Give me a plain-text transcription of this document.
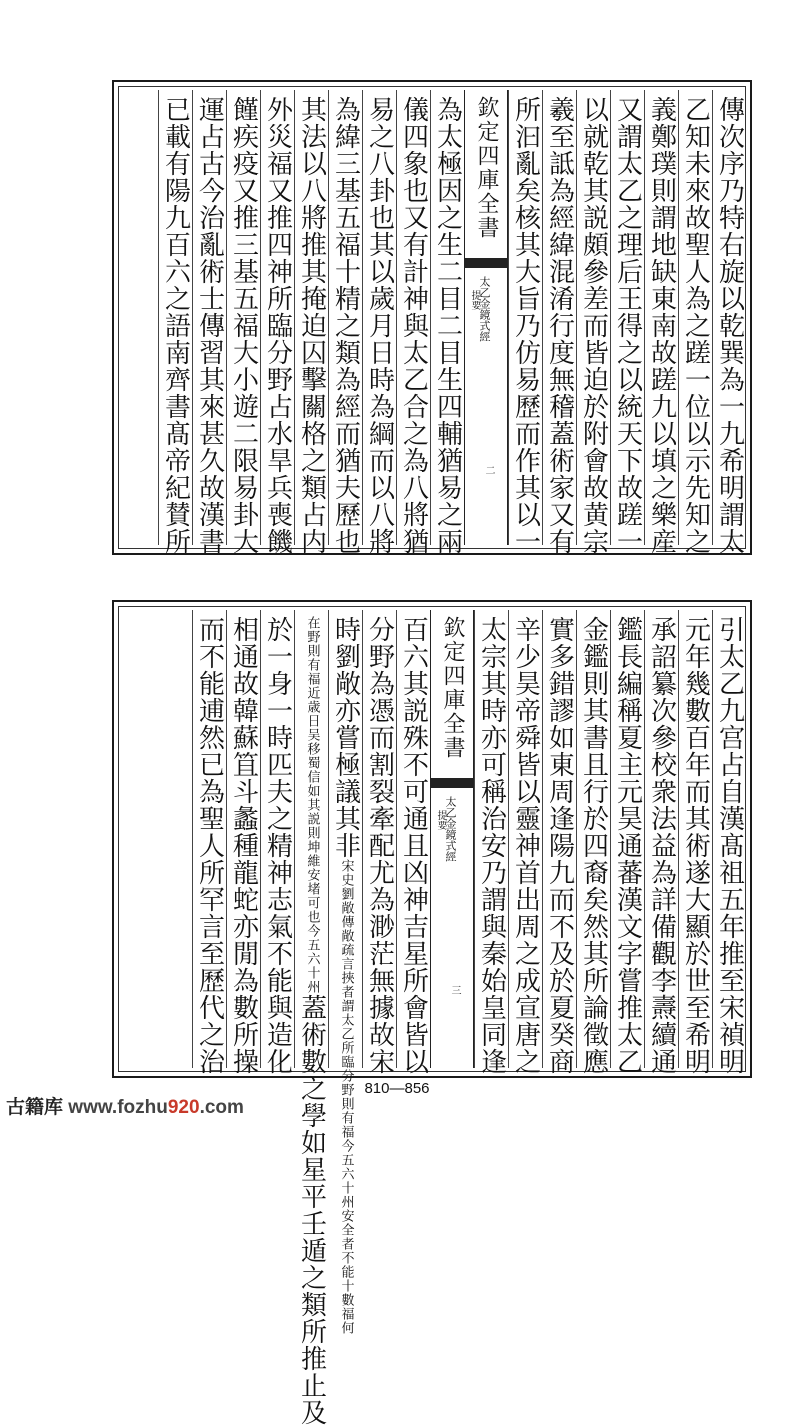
傳次序乃特右旋以乾巽為一九希明謂太
乙知未來故聖人為之蹉一位以示先知之
義鄭璞則謂地缺東南故蹉九以填之樂産
又謂太乙之理后王得之以統天下故蹉一
以就乾其説頗參差而皆迫於附會故黄宗
羲至詆為經緯混淆行度無稽蓋術家又有
所汩亂矣核其大旨乃仿易歷而作其以一
為太極因之生二目二目生四輔猶易之兩
儀四象也又有計神與太乙合之為八將猶
易之八卦也其以歲月日時為綱而以八將
為緯三基五福十精之類為經而猶夫歷也
其法以八將推其掩迫囚擊關格之類占内
外災福又推四神所臨分野占水旱兵喪饑
饉疾疫又推三基五福大小遊二限易卦大
運占古今治亂術士傳習其來甚久故漢書
已載有陽九百六之語南齊書髙帝紀賛所	欽定四庫全書
太乙金鏡式經
提要
二
引太乙九宫占自漢髙祖五年推至宋禎明
元年幾數百年而其術遂大顯於世至希明
承詔纂次參校衆法益為詳備觀李燾續通
鑑長編稱夏主元昊通蕃漢文字嘗推太乙
金鑑則其書且行於四裔矣然其所論徵應
實多錯謬如東周逢陽九而不及於夏癸商
辛少昊帝舜皆以靈神首出周之成宣唐之
太宗其時亦可稱治安乃謂與秦始皇同逢
百六其説殊不可通且凶神吉星所會皆以
分野為憑而割裂牽配尤為渺茫無據故宋
時劉敞亦嘗極議其非宋史劉敞傳敞疏言挾者謂太乙所臨分野則有福今五六十州安全者不能十數福何
在野則有福近歳日吴移蜀信如其説則坤維安堵可也今五六十州蓋術數之學如星平壬遁之類所推止及
於一身一時匹夫之精神志氣不能與造化
相通故韓蘇笡斗蠡種龍蛇亦閒為數所操
而不能逋然已為聖人所罕言至歷代之治	欽定四庫全書
太乙金鏡式經
提要
三
810—856
古籍库 www.fozhu920.com
